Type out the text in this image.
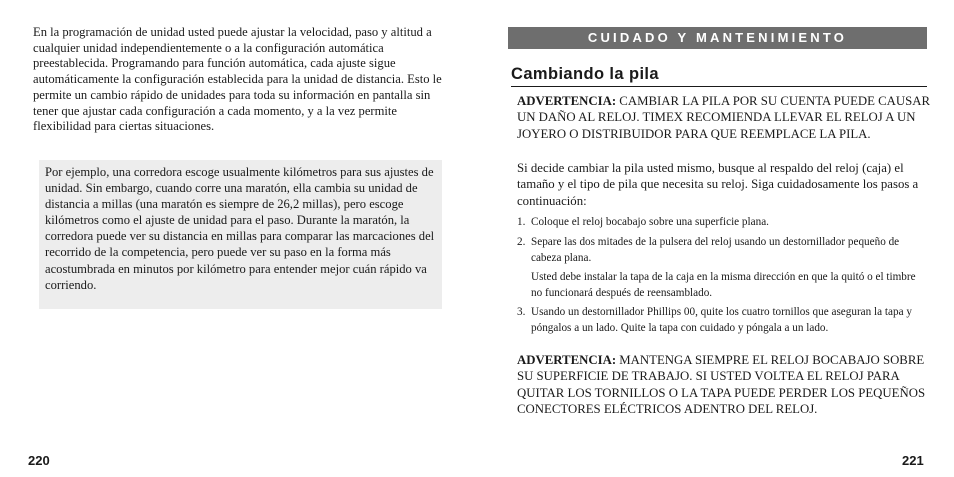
En la programación de unidad usted puede ajustar la velocidad, paso y altitud a cualquier unidad independientemente o a la configuración automática preestablecida. Programando para función automática, cada ajuste sigue automáticamente la configuración establecida para la unidad de distancia. Esto le permite un cambio rápido de unidades para toda su información en pantalla sin tener que ajustar cada configuración a cada momento, y a la vez permite flexibilidad para ciertas situaciones.

Por ejemplo, una corredora escoge usualmente kilómetros para sus ajustes de unidad. Sin embargo, cuando corre una maratón, ella cambia su unidad de distancia a millas (una maratón es siempre de 26,2 millas), pero escoge kilómetros como el ajuste de unidad para el paso. Durante la maratón, la corredora puede ver su distancia en millas para comparar las marcaciones del recorrido de la competencia, pero puede ver su paso en la forma más acostumbrada en minutos por kilómetro para entender mejor cuán rápido va corriendo.
220
CUIDADO Y MANTENIMIENTO
Cambiando la pila

ADVERTENCIA: CAMBIAR LA PILA POR SU CUENTA PUEDE CAUSAR UN DAÑO AL RELOJ. TIMEX RECOMIENDA LLEVAR EL RELOJ A UN JOYERO O DISTRIBUIDOR PARA QUE REEMPLACE LA PILA.

Si decide cambiar la pila usted mismo, busque al respaldo del reloj (caja) el tamaño y el tipo de pila que necesita su reloj. Siga cuidadosamente los pasos a continuación:

1. Coloque el reloj bocabajo sobre una superficie plana.
2. Separe las dos mitades de la pulsera del reloj usando un destornillador pequeño de cabeza plana.
Usted debe instalar la tapa de la caja en la misma dirección en que la quitó o el timbre no funcionará después de reensamblado.
3. Usando un destornillador Phillips 00, quite los cuatro tornillos que aseguran la tapa y póngalos a un lado. Quite la tapa con cuidado y póngala a un lado.

ADVERTENCIA: MANTENGA SIEMPRE EL RELOJ BOCABAJO SOBRE SU SUPERFICIE DE TRABAJO. SI USTED VOLTEA EL RELOJ PARA QUITAR LOS TORNILLOS O LA TAPA PUEDE PERDER LOS PEQUEÑOS CONECTORES ELÉCTRICOS ADENTRO DEL RELOJ.

221
